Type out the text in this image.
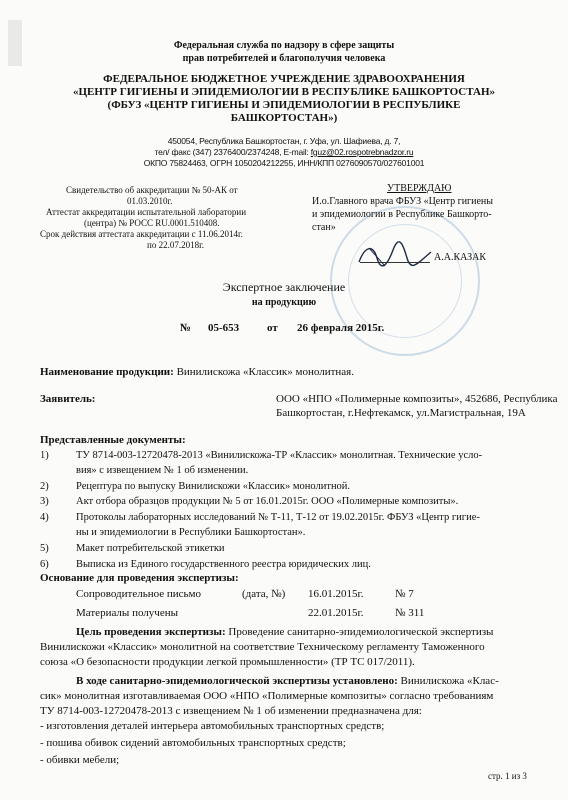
Федеральная служба по надзору в сфере защиты
прав потребителей и благополучия человека
ФЕДЕРАЛЬНОЕ БЮДЖЕТНОЕ УЧРЕЖДЕНИЕ ЗДРАВООХРАНЕНИЯ
«ЦЕНТР ГИГИЕНЫ И ЭПИДЕМИОЛОГИИ В РЕСПУБЛИКЕ БАШКОРТОСТАН»
(ФБУЗ «ЦЕНТР ГИГИЕНЫ И ЭПИДЕМИОЛОГИИ В РЕСПУБЛИКЕ
БАШКОРТОСТАН»)
450054, Республика Башкортостан, г. Уфа, ул. Шафиева, д. 7,
тел/ факс (347) 2376400/2374248, E-mail: fguz@02.rospotrebnadzor.ru
ОКПО 75824463, ОГРН 1050204212255, ИНН/КПП 0276090570/027601001
Свидетельство об аккредитации № 50-АК от
01.03.2010г.
Аттестат аккредитации испытательной лаборатории
(центра) № РОСС RU.0001.510408.
Срок действия аттестата аккредитации с 11.06.2014г.
по 22.07.2018г.
УТВЕРЖДАЮ
И.о.Главного врача ФБУЗ «Центр гигиены
и эпидемиологии в Республике Башкорто-
стан»
А.А.КАЗАК
Экспертное заключение
на продукцию
№ 05-653	от 26 февраля 2015г.
Наименование продукции: Винилискожа «Классик» монолитная.
Заявитель:	ООО «НПО «Полимерные композиты», 452686, Республика
Башкортостан, г.Нефтекамск, ул.Магистральная, 19А
Представленные документы:
1)	ТУ 8714-003-12720478-2013 «Винилискожа-ТР «Классик» монолитная. Технические усло-
вия» с извещением № 1 об изменении.
2)	Рецептура по выпуску Винилискожи «Классик» монолитной.
3)	Акт отбора образцов продукции № 5 от 16.01.2015г. ООО «Полимерные композиты».
4)	Протоколы лабораторных исследований № Т-11, Т-12 от 19.02.2015г. ФБУЗ «Центр гигие-
ны и эпидемиологии в Республики Башкортостан».
5)	Макет потребительской этикетки
6)	Выписка из Единого государственного реестра юридических лиц.
Основание для проведения экспертизы:
Сопроводительное письмо	(дата, №) 16.01.2015г.	№ 7
Материалы получены	22.01.2015г.	№ 311
Цель проведения экспертизы: Проведение санитарно-эпидемиологической экспертизы
Винилискожи «Классик» монолитной на соответствие Техническому регламенту Таможенного
союза «О безопасности продукции легкой промышленности» (ТР ТС 017/2011).
В ходе санитарно-эпидемиологической экспертизы установлено: Винилискожа «Клас-
сик» монолитная изготавливаемая ООО «НПО «Полимерные композиты» согласно требованиям
ТУ 8714-003-12720478-2013 с извещением № 1 об изменении предназначена для:
- изготовления деталей интерьера автомобильных транспортных средств;
- пошива обивок сидений автомобильных транспортных средств;
- обивки мебели;
стр. 1 из 3
